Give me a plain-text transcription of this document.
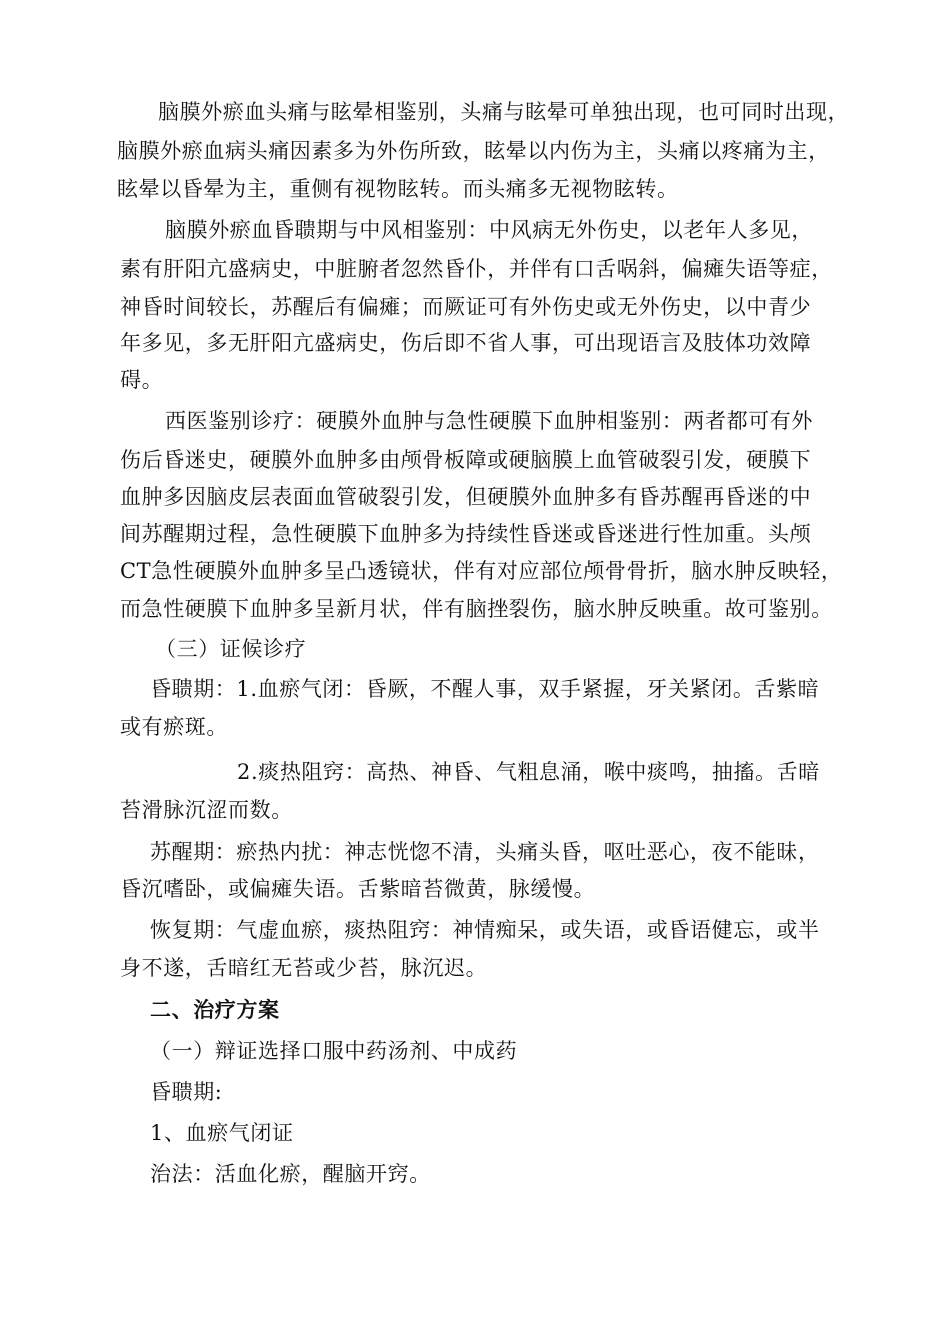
脑膜外瘀血头痛与眩晕相鉴别，头痛与眩晕可单独出现，也可同时出现，
脑膜外瘀血病头痛因素多为外伤所致，眩晕以内伤为主，头痛以疼痛为主，
眩晕以昏晕为主，重侧有视物眩转。而头痛多无视物眩转。
脑膜外瘀血昏聩期与中风相鉴别：中风病无外伤史，以老年人多见，
素有肝阳亢盛病史，中脏腑者忽然昏仆，并伴有口舌㖞斜，偏瘫失语等症，
神昏时间较长，苏醒后有偏瘫；而厥证可有外伤史或无外伤史，以中青少
年多见，多无肝阳亢盛病史，伤后即不省人事，可出现语言及肢体功效障
碍。
西医鉴别诊疗：硬膜外血肿与急性硬膜下血肿相鉴别：两者都可有外
伤后昏迷史，硬膜外血肿多由颅骨板障或硬脑膜上血管破裂引发，硬膜下
血肿多因脑皮层表面血管破裂引发，但硬膜外血肿多有昏苏醒再昏迷的中
间苏醒期过程，急性硬膜下血肿多为持续性昏迷或昏迷进行性加重。头颅
CT急性硬膜外血肿多呈凸透镜状，伴有对应部位颅骨骨折，脑水肿反映轻，
而急性硬膜下血肿多呈新月状，伴有脑挫裂伤，脑水肿反映重。故可鉴别。
（三）证候诊疗
昏聩期：1.血瘀气闭：昏厥，不醒人事，双手紧握，牙关紧闭。舌紫暗
或有瘀斑。
2.痰热阻窍：高热、神昏、气粗息涌，喉中痰鸣，抽搐。舌暗
苔滑脉沉涩而数。
苏醒期：瘀热内扰：神志恍惚不清，头痛头昏，呕吐恶心，夜不能昧，
昏沉嗜卧，或偏瘫失语。舌紫暗苔微黄，脉缓慢。
恢复期：气虚血瘀，痰热阻窍：神情痴呆，或失语，或昏语健忘，或半
身不遂，舌暗红无苔或少苔，脉沉迟。
二、治疗方案
（一）辩证选择口服中药汤剂、中成药
昏聩期:
1、血瘀气闭证
治法：活血化瘀，醒脑开窍。
